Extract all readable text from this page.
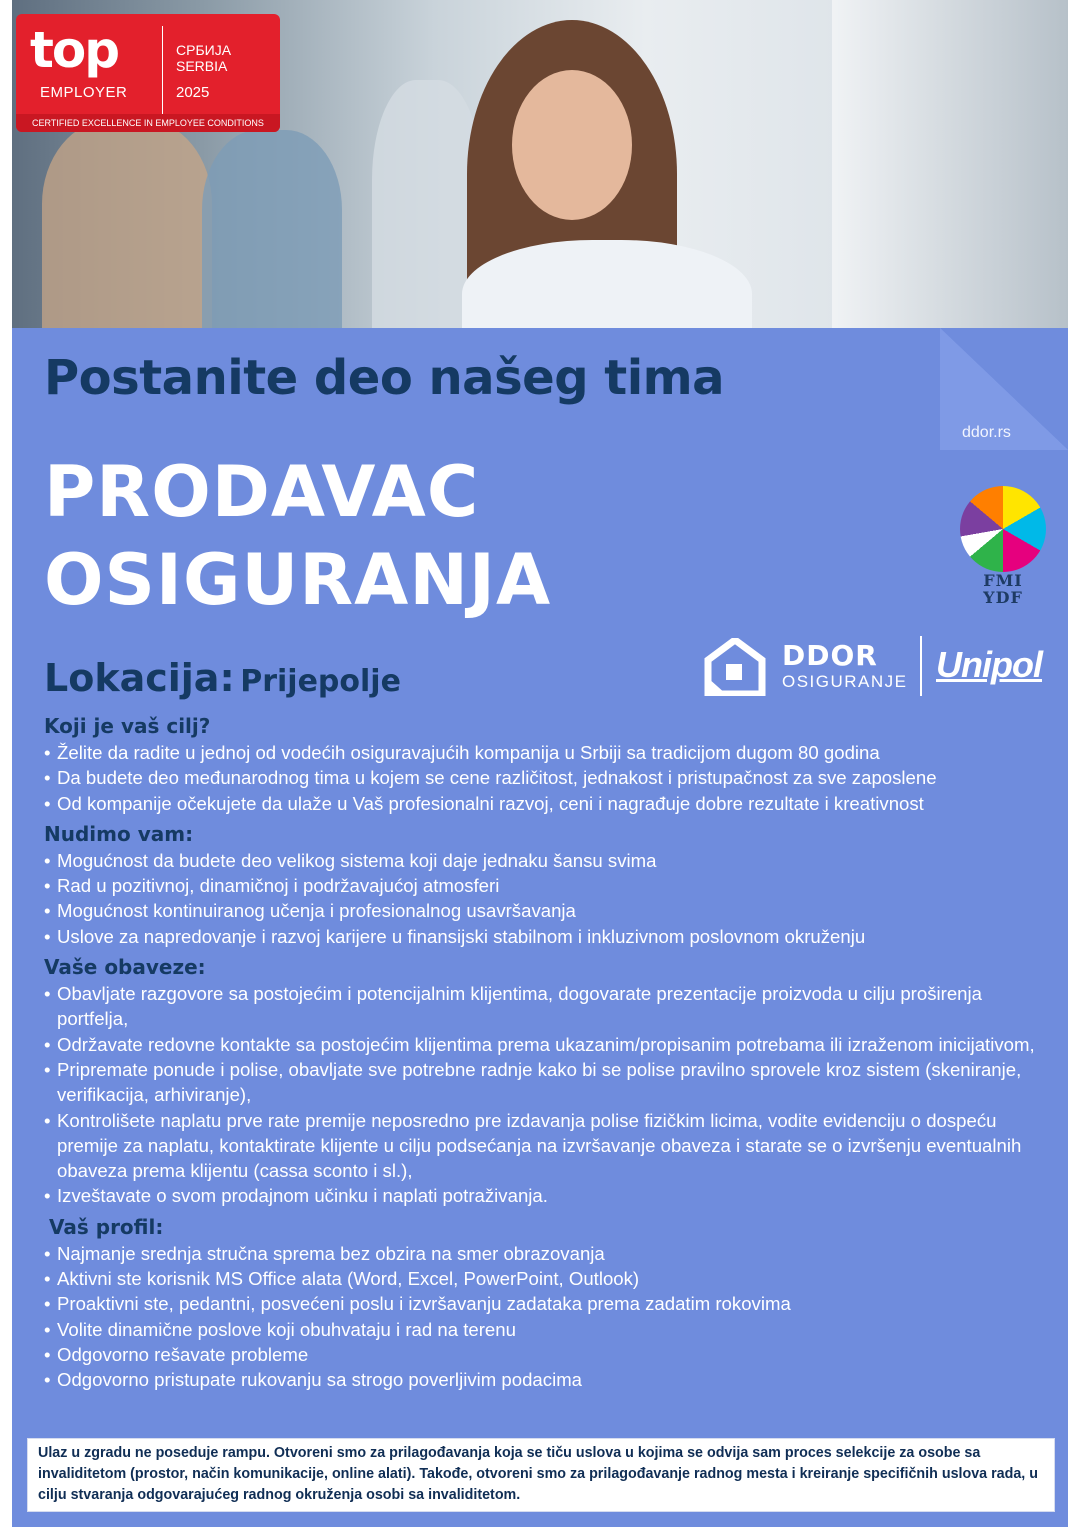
top
EMPLOYER
СРБИЈА
SERBIA
2025
CERTIFIED EXCELLENCE IN EMPLOYEE CONDITIONS
ddor.rs
Postanite deo našeg tima
PRODAVAC
OSIGURANJA
Lokacija: Prijepolje
FMI
YDF
DDOR
OSIGURANJE Unipol
Koji je vaš cilj?
• Želite da radite u jednoj od vodećih osiguravajućih kompanija u Srbiji sa tradicijom dugom 80 godina
• Da budete deo međunarodnog tima u kojem se cene različitost, jednakost i pristupačnost za sve zaposlene
• Od kompanije očekujete da ulaže u Vaš profesionalni razvoj, ceni i nagrađuje dobre rezultate i kreativnost
Nudimo vam:
• Mogućnost da budete deo velikog sistema koji daje jednaku šansu svima
• Rad u pozitivnoj, dinamičnoj i podržavajućoj atmosferi
• Mogućnost kontinuiranog učenja i profesionalnog usavršavanja
• Uslove za napredovanje i razvoj karijere u finansijski stabilnom i inkluzivnom poslovnom okruženju
Vaše obaveze:
• Obavljate razgovore sa postojećim i potencijalnim klijentima, dogovarate prezentacije proizvoda u cilju proširenja portfelja,
• Održavate redovne kontakte sa postojećim klijentima prema ukazanim/propisanim potrebama ili izraženom inicijativom,
• Pripremate ponude i polise, obavljate sve potrebne radnje kako bi se polise pravilno sprovele kroz sistem (skeniranje, verifikacija, arhiviranje),
• Kontrolišete naplatu prve rate premije neposredno pre izdavanja polise fizičkim licima, vodite evidenciju o dospeću premije za naplatu, kontaktirate klijente u cilju podsećanja na izvršavanje obaveza i starate se o izvršenju eventualnih obaveza prema klijentu (cassa sconto i sl.),
• Izveštavate o svom prodajnom učinku i naplati potraživanja.
Vaš profil:
• Najmanje srednja stručna sprema bez obzira na smer obrazovanja
• Aktivni ste korisnik MS Office alata (Word, Excel, PowerPoint, Outlook)
• Proaktivni ste, pedantni, posvećeni poslu i izvršavanju zadataka prema zadatim rokovima
• Volite dinamične poslove koji obuhvataju i rad na terenu
• Odgovorno rešavate probleme
• Odgovorno pristupate rukovanju sa strogo poverljivim podacima
Ulaz u zgradu ne poseduje rampu. Otvoreni smo za prilagođavanja koja se tiču uslova u kojima se odvija sam proces selekcije za osobe sa invaliditetom (prostor, način komunikacije, online alati). Takođe, otvoreni smo za prilagođavanje radnog mesta i kreiranje specifičnih uslova rada, u cilju stvaranja odgovarajućeg radnog okruženja osobi sa invaliditetom.
